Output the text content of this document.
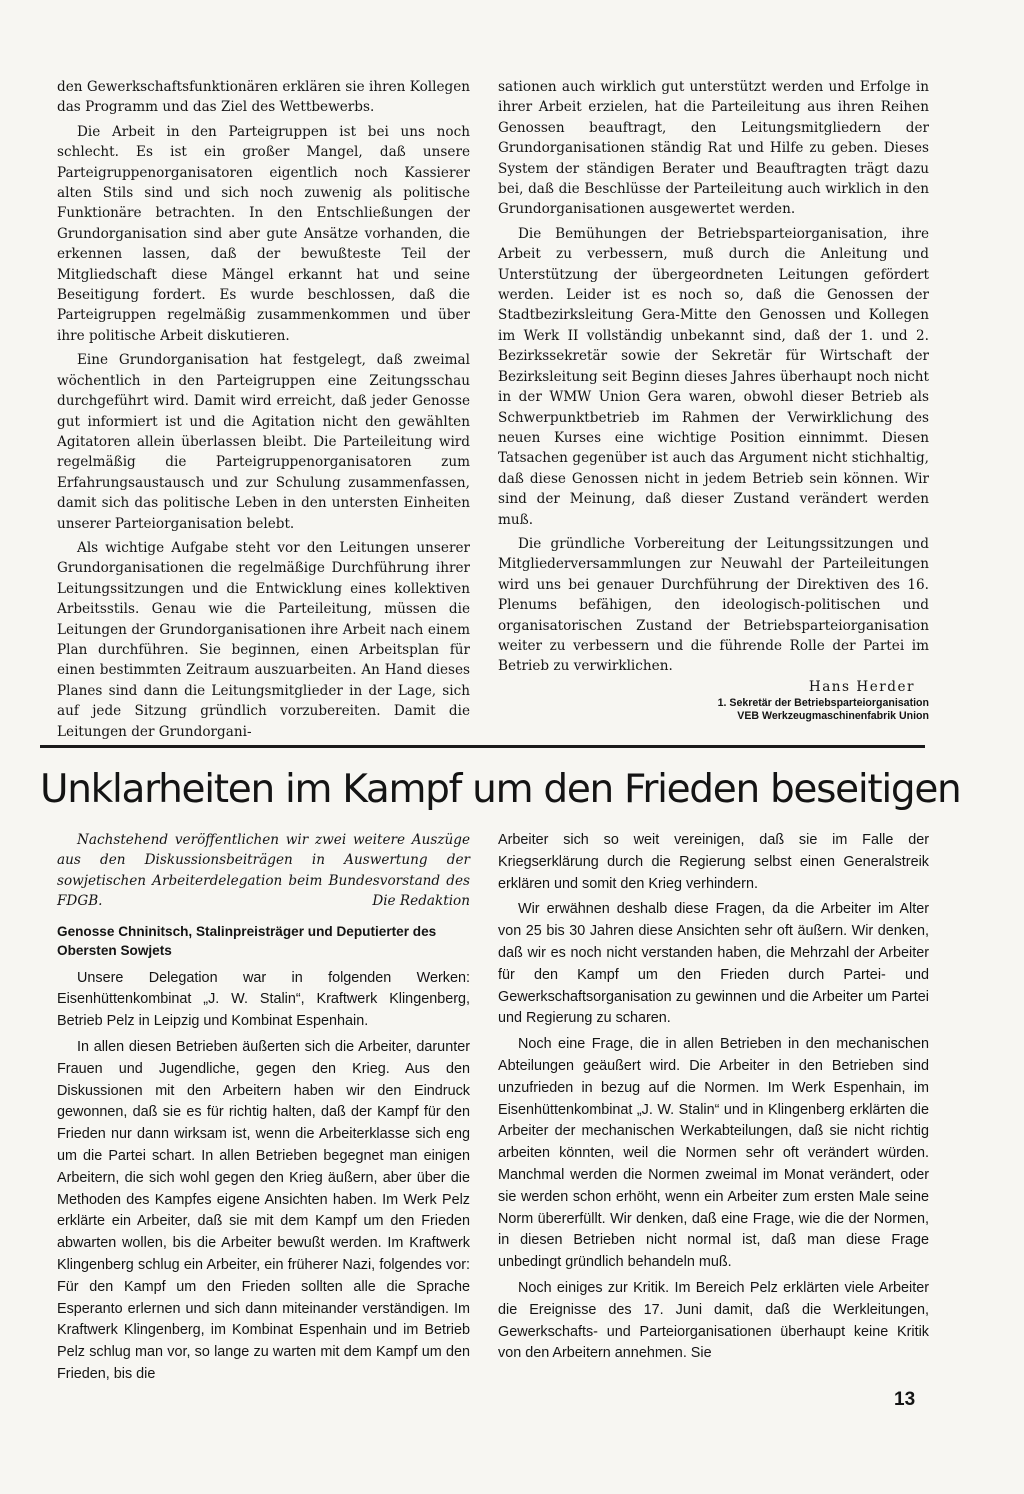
den Gewerkschaftsfunktionären erklären sie ihren Kollegen das Programm und das Ziel des Wettbewerbs.

Die Arbeit in den Parteigruppen ist bei uns noch schlecht. Es ist ein großer Mangel, daß unsere Parteigruppenorganisatoren eigentlich noch Kassierer alten Stils sind und sich noch zuwenig als politische Funktionäre betrachten. In den Entschließungen der Grundorganisation sind aber gute Ansätze vorhanden, die erkennen lassen, daß der bewußteste Teil der Mitgliedschaft diese Mängel erkannt hat und seine Beseitigung fordert. Es wurde beschlossen, daß die Parteigruppen regelmäßig zusammenkommen und über ihre politische Arbeit diskutieren.

Eine Grundorganisation hat festgelegt, daß zweimal wöchentlich in den Parteigruppen eine Zeitungsschau durchgeführt wird. Damit wird erreicht, daß jeder Genosse gut informiert ist und die Agitation nicht den gewählten Agitatoren allein überlassen bleibt. Die Parteileitung wird regelmäßig die Parteigruppenorganisatoren zum Erfahrungsaustausch und zur Schulung zusammenfassen, damit sich das politische Leben in den untersten Einheiten unserer Parteiorganisation belebt.

Als wichtige Aufgabe steht vor den Leitungen unserer Grundorganisationen die regelmäßige Durchführung ihrer Leitungssitzungen und die Entwicklung eines kollektiven Arbeitsstils. Genau wie die Parteileitung, müssen die Leitungen der Grundorganisationen ihre Arbeit nach einem Plan durchführen. Sie beginnen, einen Arbeitsplan für einen bestimmten Zeitraum auszuarbeiten. An Hand dieses Planes sind dann die Leitungsmitglieder in der Lage, sich auf jede Sitzung gründlich vorzubereiten. Damit die Leitungen der Grundorgani-

sationen auch wirklich gut unterstützt werden und Erfolge in ihrer Arbeit erzielen, hat die Parteileitung aus ihren Reihen Genossen beauftragt, den Leitungsmitgliedern der Grundorganisationen ständig Rat und Hilfe zu geben. Dieses System der ständigen Berater und Beauftragten trägt dazu bei, daß die Beschlüsse der Parteileitung auch wirklich in den Grundorganisationen ausgewertet werden.

Die Bemühungen der Betriebsparteiorganisation, ihre Arbeit zu verbessern, muß durch die Anleitung und Unterstützung der übergeordneten Leitungen gefördert werden. Leider ist es noch so, daß die Genossen der Stadtbezirksleitung Gera-Mitte den Genossen und Kollegen im Werk II vollständig unbekannt sind, daß der 1. und 2. Bezirkssekretär sowie der Sekretär für Wirtschaft der Bezirksleitung seit Beginn dieses Jahres überhaupt noch nicht in der WMW Union Gera waren, obwohl dieser Betrieb als Schwerpunktbetrieb im Rahmen der Verwirklichung des neuen Kurses eine wichtige Position einnimmt. Diesen Tatsachen gegenüber ist auch das Argument nicht stichhaltig, daß diese Genossen nicht in jedem Betrieb sein können. Wir sind der Meinung, daß dieser Zustand verändert werden muß.

Die gründliche Vorbereitung der Leitungssitzungen und Mitgliederversammlungen zur Neuwahl der Parteileitungen wird uns bei genauer Durchführung der Direktiven des 16. Plenums befähigen, den ideologisch-politischen und organisatorischen Zustand der Betriebsparteiorganisation weiter zu verbessern und die führende Rolle der Partei im Betrieb zu verwirklichen.

Hans Herder
1. Sekretär der Betriebsparteiorganisation
VEB Werkzeugmaschinenfabrik Union
Unklarheiten im Kampf um den Frieden beseitigen

Nachstehend veröffentlichen wir zwei weitere Auszüge aus den Diskussionsbeiträgen in Auswertung der sowjetischen Arbeiterdelegation beim Bundesvorstand des FDGB.	Die Redaktion
Genosse Chninitsch, Stalinpreisträger und Deputierter des Obersten Sowjets

Unsere Delegation war in folgenden Werken: Eisenhüttenkombinat „J. W. Stalin“, Kraftwerk Klingenberg, Betrieb Pelz in Leipzig und Kombinat Espenhain.

In allen diesen Betrieben äußerten sich die Arbeiter, darunter Frauen und Jugendliche, gegen den Krieg. Aus den Diskussionen mit den Arbeitern haben wir den Eindruck gewonnen, daß sie es für richtig halten, daß der Kampf für den Frieden nur dann wirksam ist, wenn die Arbeiterklasse sich eng um die Partei schart. In allen Betrieben begegnet man einigen Arbeitern, die sich wohl gegen den Krieg äußern, aber über die Methoden des Kampfes eigene Ansichten haben. Im Werk Pelz erklärte ein Arbeiter, daß sie mit dem Kampf um den Frieden abwarten wollen, bis die Arbeiter bewußt werden. Im Kraftwerk Klingenberg schlug ein Arbeiter, ein früherer Nazi, folgendes vor: Für den Kampf um den Frieden sollten alle die Sprache Esperanto erlernen und sich dann miteinander verständigen. Im Kraftwerk Klingenberg, im Kombinat Espenhain und im Betrieb Pelz schlug man vor, so lange zu warten mit dem Kampf um den Frieden, bis die

Arbeiter sich so weit vereinigen, daß sie im Falle der Kriegserklärung durch die Regierung selbst einen Generalstreik erklären und somit den Krieg verhindern.

Wir erwähnen deshalb diese Fragen, da die Arbeiter im Alter von 25 bis 30 Jahren diese Ansichten sehr oft äußern. Wir denken, daß wir es noch nicht verstanden haben, die Mehrzahl der Arbeiter für den Kampf um den Frieden durch Partei- und Gewerkschaftsorganisation zu gewinnen und die Arbeiter um Partei und Regierung zu scharen.

Noch eine Frage, die in allen Betrieben in den mechanischen Abteilungen geäußert wird. Die Arbeiter in den Betrieben sind unzufrieden in bezug auf die Normen. Im Werk Espenhain, im Eisenhüttenkombinat „J. W. Stalin“ und in Klingenberg erklärten die Arbeiter der mechanischen Werkabteilungen, daß sie nicht richtig arbeiten könnten, weil die Normen sehr oft verändert würden. Manchmal werden die Normen zweimal im Monat verändert, oder sie werden schon erhöht, wenn ein Arbeiter zum ersten Male seine Norm übererfüllt. Wir denken, daß eine Frage, wie die der Normen, in diesen Betrieben nicht normal ist, daß man diese Frage unbedingt gründlich behandeln muß.

Noch einiges zur Kritik. Im Bereich Pelz erklärten viele Arbeiter die Ereignisse des 17. Juni damit, daß die Werkleitungen, Gewerkschafts- und Parteiorganisationen überhaupt keine Kritik von den Arbeitern annehmen. Sie

13
